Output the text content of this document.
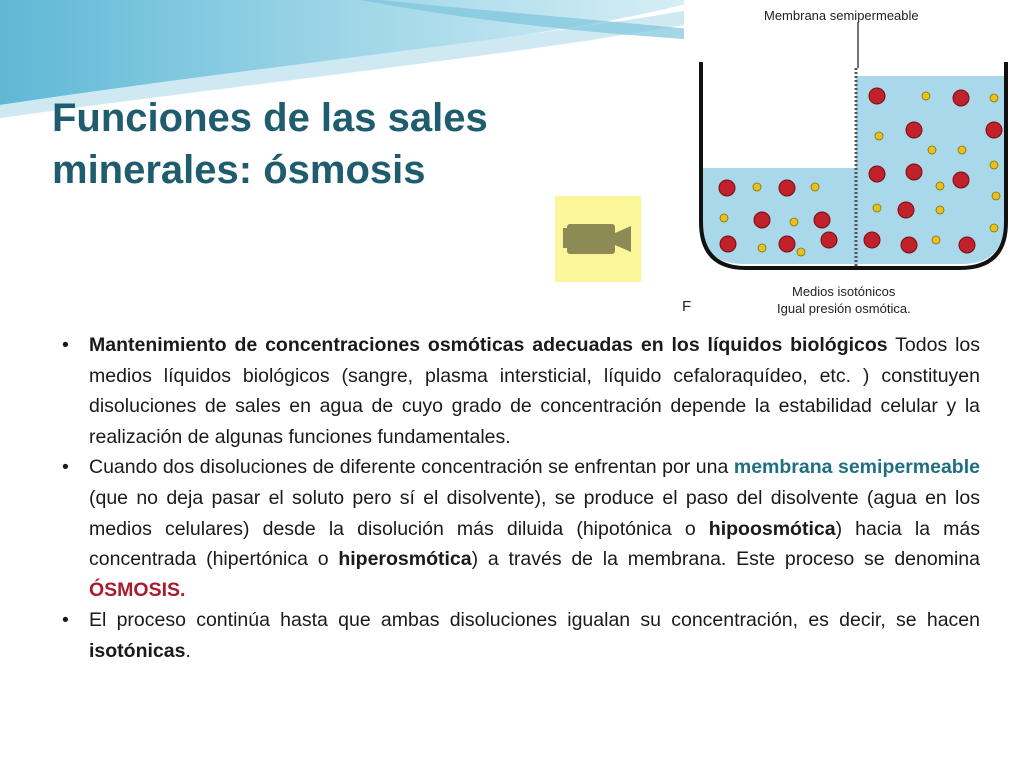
Funciones de las sales
minerales: ósmosis
Membrana semipermeable
Medios isotónicos
Igual presión osmótica.
F
• Mantenimiento de concentraciones osmóticas adecuadas en los líquidos biológicos Todos los medios líquidos biológicos (sangre, plasma intersticial, líquido cefaloraquídeo, etc. ) constituyen disoluciones de sales en agua de cuyo grado de concentración depende la estabilidad celular y la realización de algunas funciones fundamentales.
• Cuando dos disoluciones de diferente concentración se enfrentan por una membrana semipermeable (que no deja pasar el soluto pero sí el disolvente), se produce el paso del disolvente (agua en los medios celulares) desde la disolución más diluida (hipotónica o hipoosmótica) hacia la más concentrada (hipertónica o hiperosmótica) a través de la membrana. Este proceso se denomina ÓSMOSIS.
• El proceso continúa hasta que ambas disoluciones igualan su concentración, es decir, se hacen isotónicas.
